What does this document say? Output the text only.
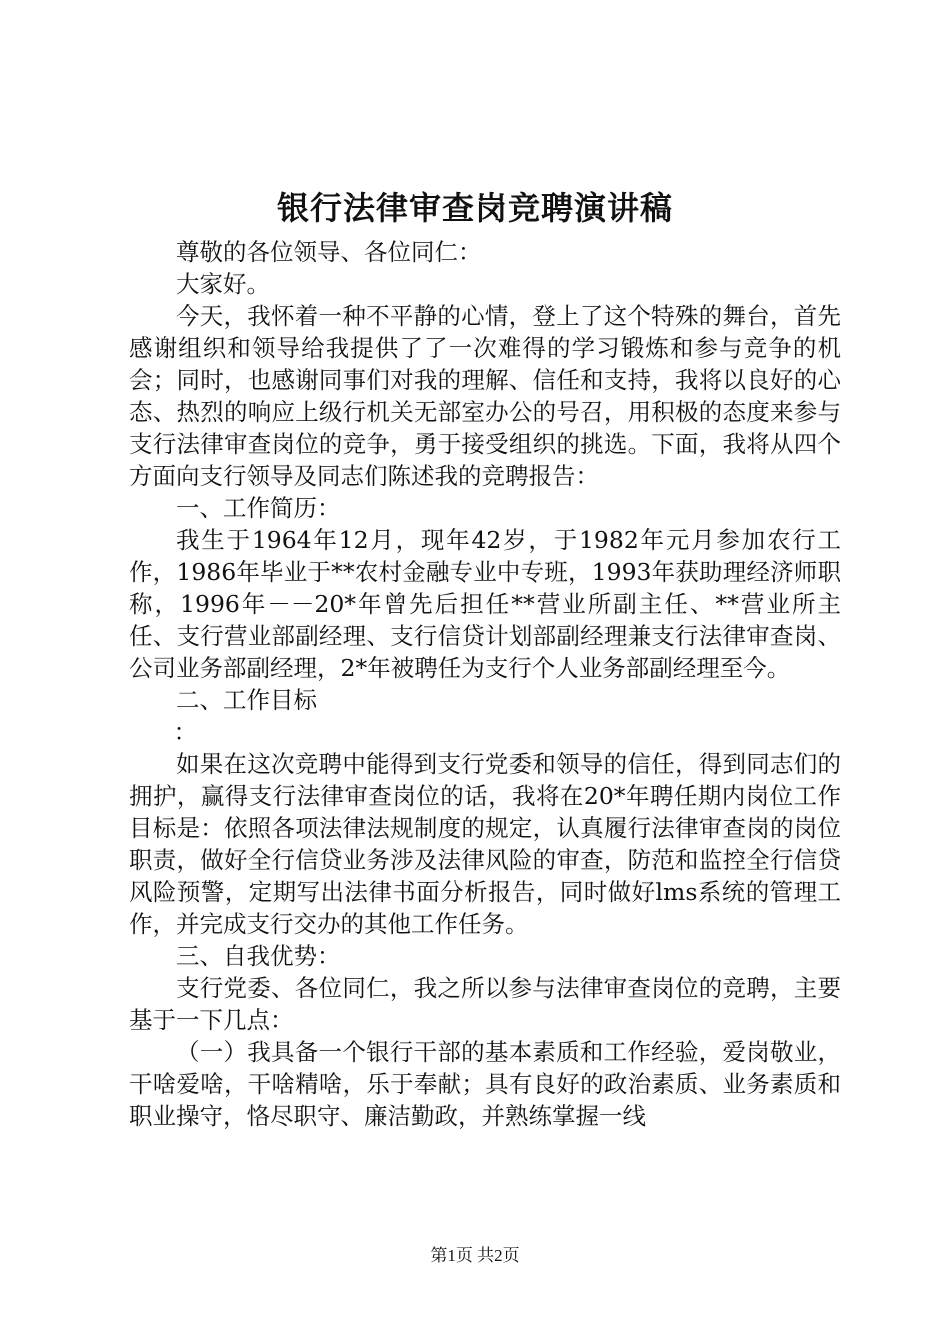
银行法律审查岗竞聘演讲稿

尊敬的各位领导、各位同仁：

大家好。

今天，我怀着一种不平静的心情，登上了这个特殊的舞台，首先感谢组织和领导给我提供了了一次难得的学习锻炼和参与竞争的机会；同时，也感谢同事们对我的理解、信任和支持，我将以良好的心态、热烈的响应上级行机关无部室办公的号召，用积极的态度来参与支行法律审查岗位的竞争，勇于接受组织的挑选。下面，我将从四个方面向支行领导及同志们陈述我的竞聘报告：

一、工作简历：

我生于1964年12月，现年42岁，于1982年元月参加农行工作，1986年毕业于**农村金融专业中专班，1993年获助理经济师职称，1996年－－20*年曾先后担任**营业所副主任、**营业所主任、支行营业部副经理、支行信贷计划部副经理兼支行法律审查岗、公司业务部副经理，2*年被聘任为支行个人业务部副经理至今。

二、工作目标

：

如果在这次竞聘中能得到支行党委和领导的信任，得到同志们的拥护，赢得支行法律审查岗位的话，我将在20*年聘任期内岗位工作目标是：依照各项法律法规制度的规定，认真履行法律审查岗的岗位职责，做好全行信贷业务涉及法律风险的审查，防范和监控全行信贷风险预警，定期写出法律书面分析报告，同时做好lms系统的管理工作，并完成支行交办的其他工作任务。

三、自我优势：

支行党委、各位同仁，我之所以参与法律审查岗位的竞聘，主要基于一下几点：

（一）我具备一个银行干部的基本素质和工作经验，爱岗敬业，干啥爱啥，干啥精啥，乐于奉献；具有良好的政治素质、业务素质和职业操守，恪尽职守、廉洁勤政，并熟练掌握一线

第1页 共2页
